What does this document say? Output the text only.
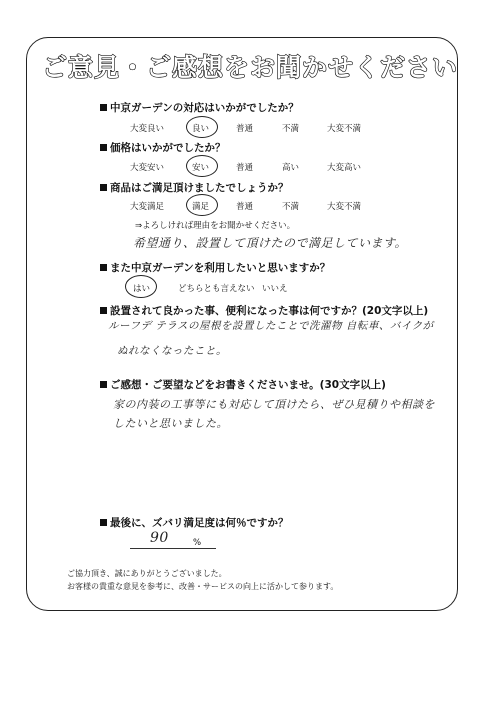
ご意見・ご感想をお聞かせください
中京ガーデンの対応はいかがでしたか？
大変良い	良い	普通	不満	大変不満
価格はいかがでしたか？
大変安い	安い	普通	高い	大変高い
商品はご満足頂けましたでしょうか？
大変満足	満足	普通	不満	大変不満
⇒よろしければ理由をお聞かせください。
希望通り、設置して頂けたので満足しています。
また中京ガーデンを利用したいと思いますか？
はい	どちらとも言えない いいえ
設置されて良かった事、便利になった事は何ですか？(20文字以上)
ルーフデ テラスの屋根を設置したことで洗濯物 自転車、バイクが
ぬれなくなったこと。
ご感想・ご要望などをお書きくださいませ。(30文字以上)
家の内装の工事等にも対応して頂けたら、ぜひ見積りや相談を
したいと思いました。
最後に、ズバリ満足度は何％ですか？
90	%
ご協力頂き、誠にありがとうございました。
お客様の貴重な意見を参考に、改善・サービスの向上に活かして参ります。
